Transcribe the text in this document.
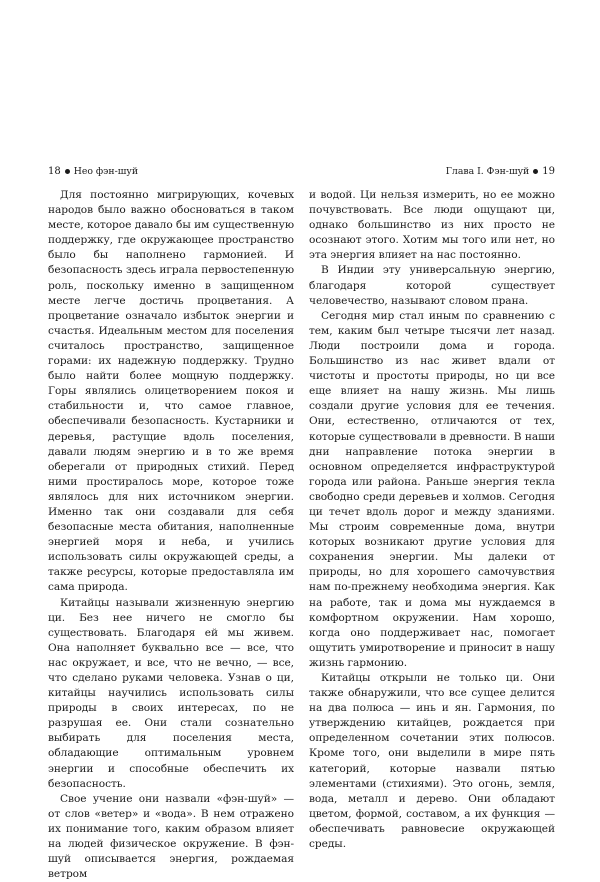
18 Нео фэн-шуй

Для постоянно мигрирующих, кочевых народов было важно обосноваться в таком месте, которое давало бы им существенную поддержку, где окружающее пространство было бы наполнено гармонией. И безопасность здесь играла первостепенную роль, поскольку именно в защищенном месте легче достичь процветания. А процветание означало избыток энергии и счастья. Идеальным местом для поселения считалось пространство, защищенное горами: их надежную поддержку. Трудно было найти более мощную поддержку. Горы являлись олицетворением покоя и стабильности и, что самое главное, обеспечивали безопасность. Кустарники и деревья, растущие вдоль поселения, давали людям энергию и в то же время оберегали от природных стихий. Перед ними простиралось море, которое тоже являлось для них источником энергии. Именно так они создавали для себя безопасные места обитания, наполненные энергией моря и неба, и учились использовать силы окружающей среды, а также ресурсы, которые предоставляла им сама природа.

Китайцы называли жизненную энергию ци. Без нее ничего не смогло бы существовать. Благодаря ей мы живем. Она наполняет буквально все — все, что нас окружает, и все, что не вечно, — все, что сделано руками человека. Узнав о ци, китайцы научились использовать силы природы в своих интересах, по не разрушая ее. Они стали сознательно выбирать для поселения места, обладающие оптимальным уровнем энергии и способные обеспечить их безопасность.

Свое учение они назвали «фэн-шуй» — от слов «ветер» и «вода». В нем отражено их понимание того, каким образом влияет на людей физическое окружение. В фэн-шуй описывается энергия, рождаемая ветром

Глава I. Фэн-шуй 19

и водой. Ци нельзя измерить, но ее можно почувствовать. Все люди ощущают ци, однако большинство из них просто не осознают этого. Хотим мы того или нет, но эта энергия влияет на нас постоянно.

В Индии эту универсальную энергию, благодаря которой существует человечество, называют словом прана.

Сегодня мир стал иным по сравнению с тем, каким был четыре тысячи лет назад. Люди построили дома и города. Большинство из нас живет вдали от чистоты и простоты природы, но ци все еще влияет на нашу жизнь. Мы лишь создали другие условия для ее течения. Они, естественно, отличаются от тех, которые существовали в древности. В наши дни направление потока энергии в основном определяется инфраструктурой города или района. Раньше энергия текла свободно среди деревьев и холмов. Сегодня ци течет вдоль дорог и между зданиями. Мы строим современные дома, внутри которых возникают другие условия для сохранения энергии. Мы далеки от природы, но для хорошего самочувствия нам по-прежнему необходима энергия. Как на работе, так и дома мы нуждаемся в комфортном окружении. Нам хорошо, когда оно поддерживает нас, помогает ощутить умиротворение и приносит в нашу жизнь гармонию.

Китайцы открыли не только ци. Они также обнаружили, что все сущее делится на два полюса — инь и ян. Гармония, по утверждению китайцев, рождается при определенном сочетании этих полюсов. Кроме того, они выделили в мире пять категорий, которые назвали пятью элементами (стихиями). Это огонь, земля, вода, металл и дерево. Они обладают цветом, формой, составом, а их функция — обеспечивать равновесие окружающей среды.
